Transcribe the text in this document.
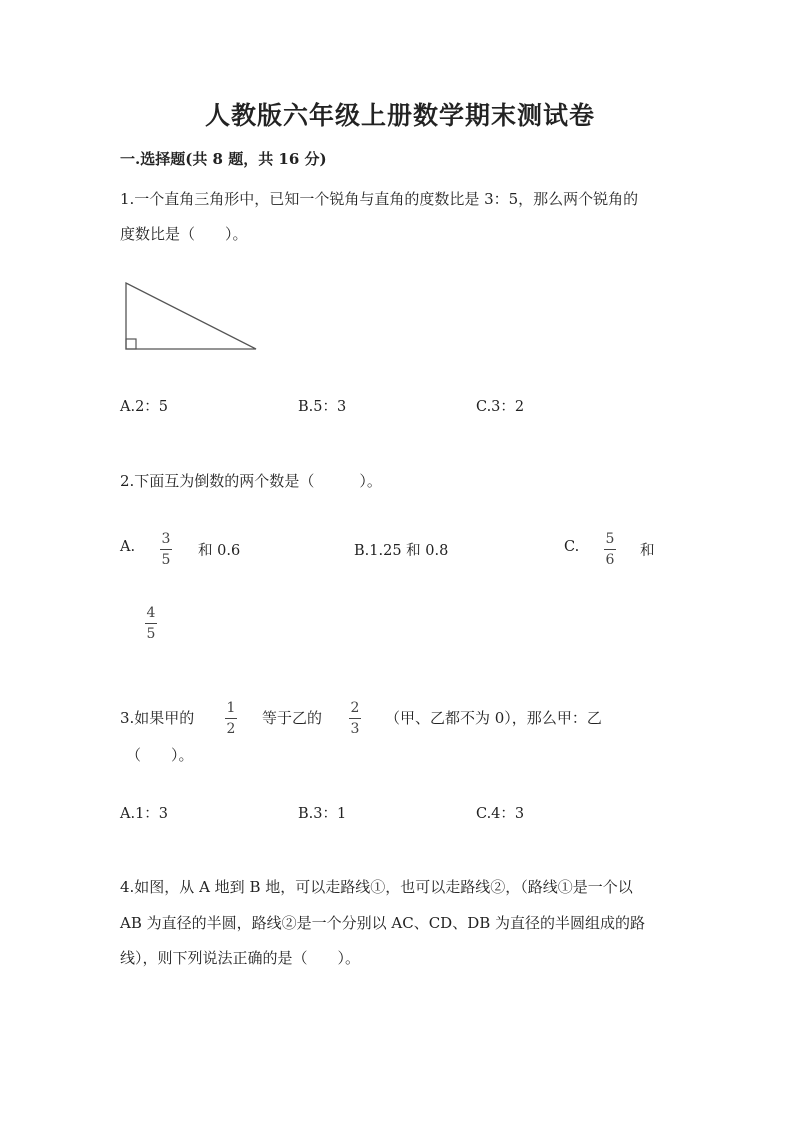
人教版六年级上册数学期末测试卷
一.选择题(共 8 题，共 16 分)
1.一个直角三角形中，已知一个锐角与直角的度数比是 3：5，那么两个锐角的
度数比是（　　）。
A.2：5	B.5：3	C.3：2
2.下面互为倒数的两个数是（　　　）。
A. 3
5
和 0.6	B.1.25 和 0.8	C. 5
6
和
4
5
3.如果甲的
1
2
等于乙的
2
3
（甲、乙都不为 0），那么甲：乙
（　　）。
A.1：3	B.3：1	C.4：3
4.如图，从 A 地到 B 地，可以走路线①，也可以走路线②，（路线①是一个以
AB 为直径的半圆，路线②是一个分别以 AC、CD、DB 为直径的半圆组成的路
线），则下列说法正确的是（　　）。
